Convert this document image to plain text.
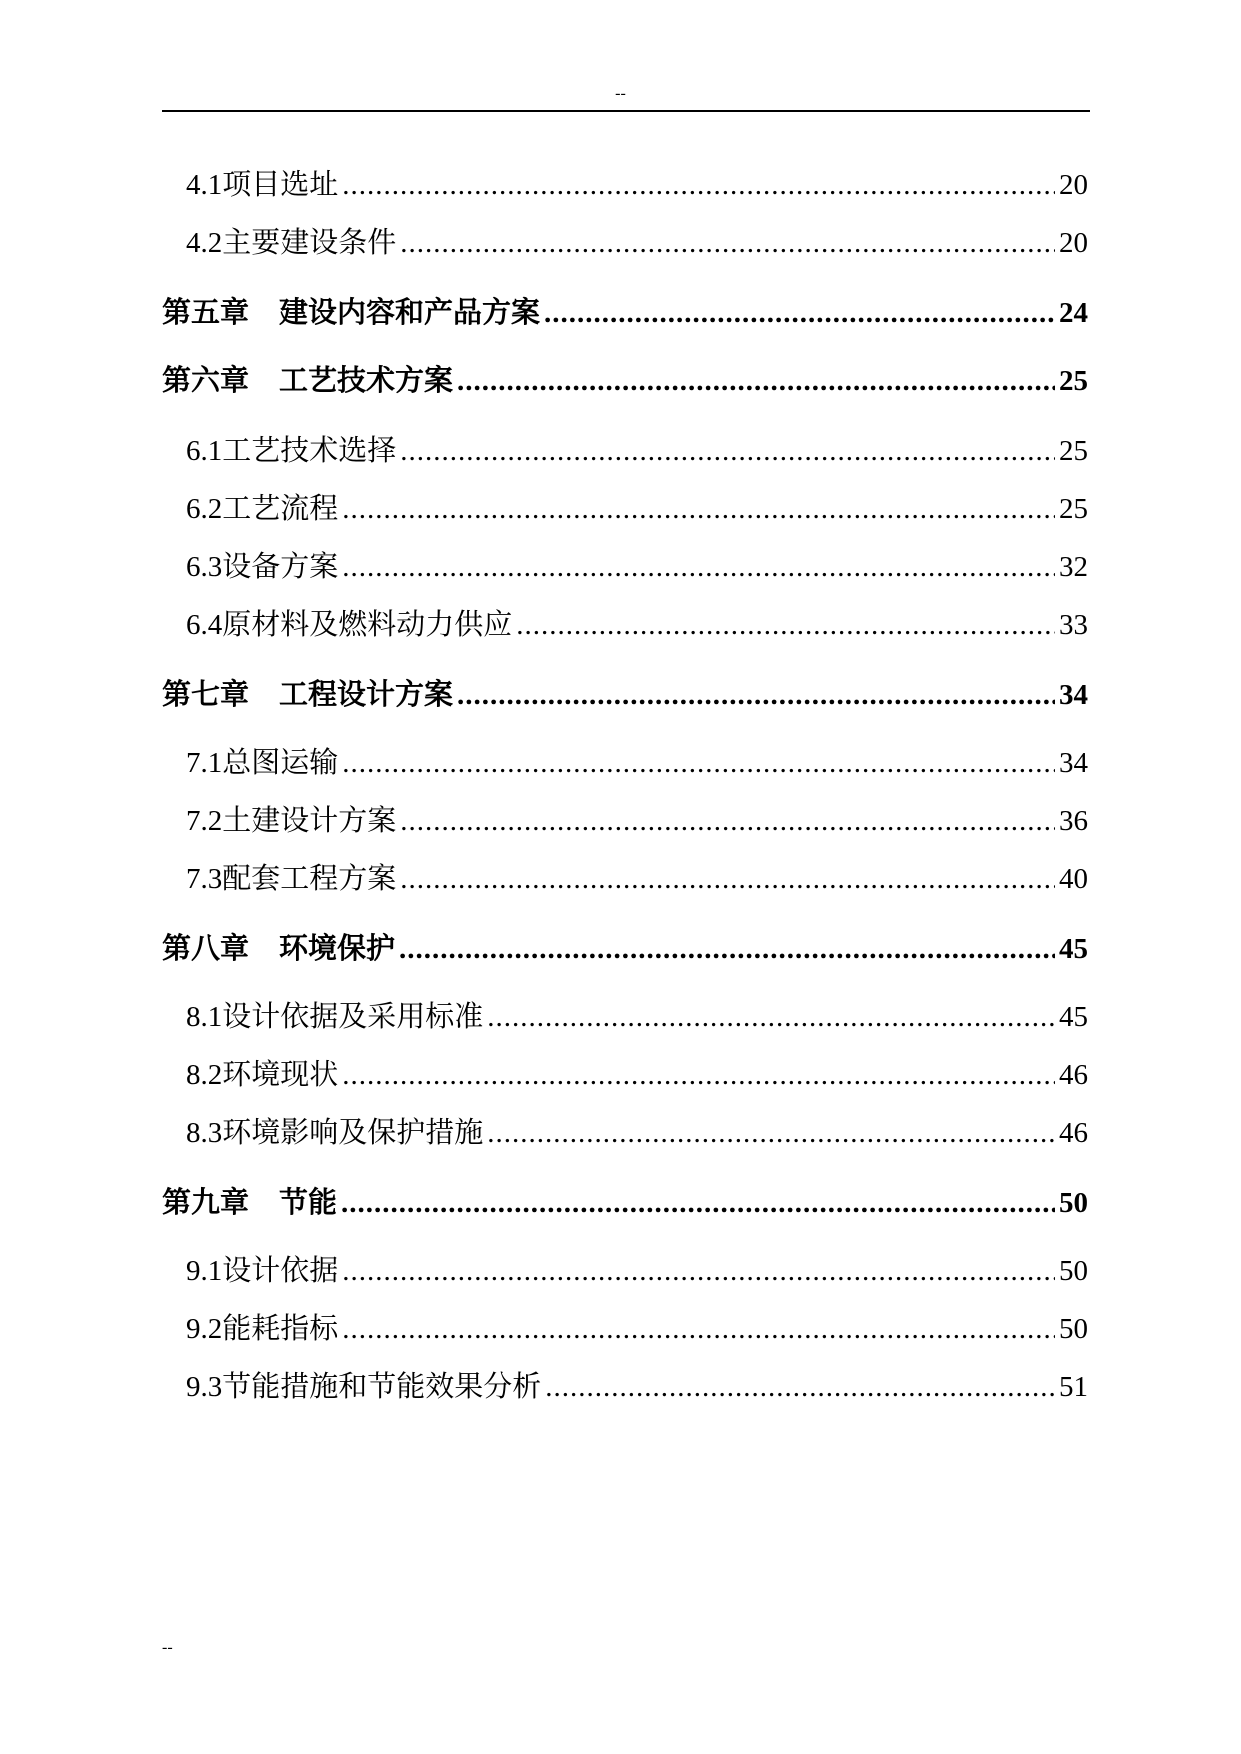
--
4.1 项目选址 .....	20
4.2 主要建设条件 .....	20
第五章 建设内容和产品方案 .....	24
第六章 工艺技术方案 .....	25
6.1 工艺技术选择 .....	25
6.2 工艺流程 .....	25
6.3 设备方案 .....	32
6.4 原材料及燃料动力供应 .....	33
第七章 工程设计方案 .....	34
7.1 总图运输 .....	34
7.2 土建设计方案 .....	36
7.3 配套工程方案 .....	40
第八章 环境保护 .....	45
8.1 设计依据及采用标准 .....	45
8.2 环境现状 .....	46
8.3 环境影响及保护措施 .....	46
第九章 节能 .....	50
9.1 设计依据 .....	50
9.2 能耗指标 .....	50
9.3 节能措施和节能效果分析 .....	51
--
